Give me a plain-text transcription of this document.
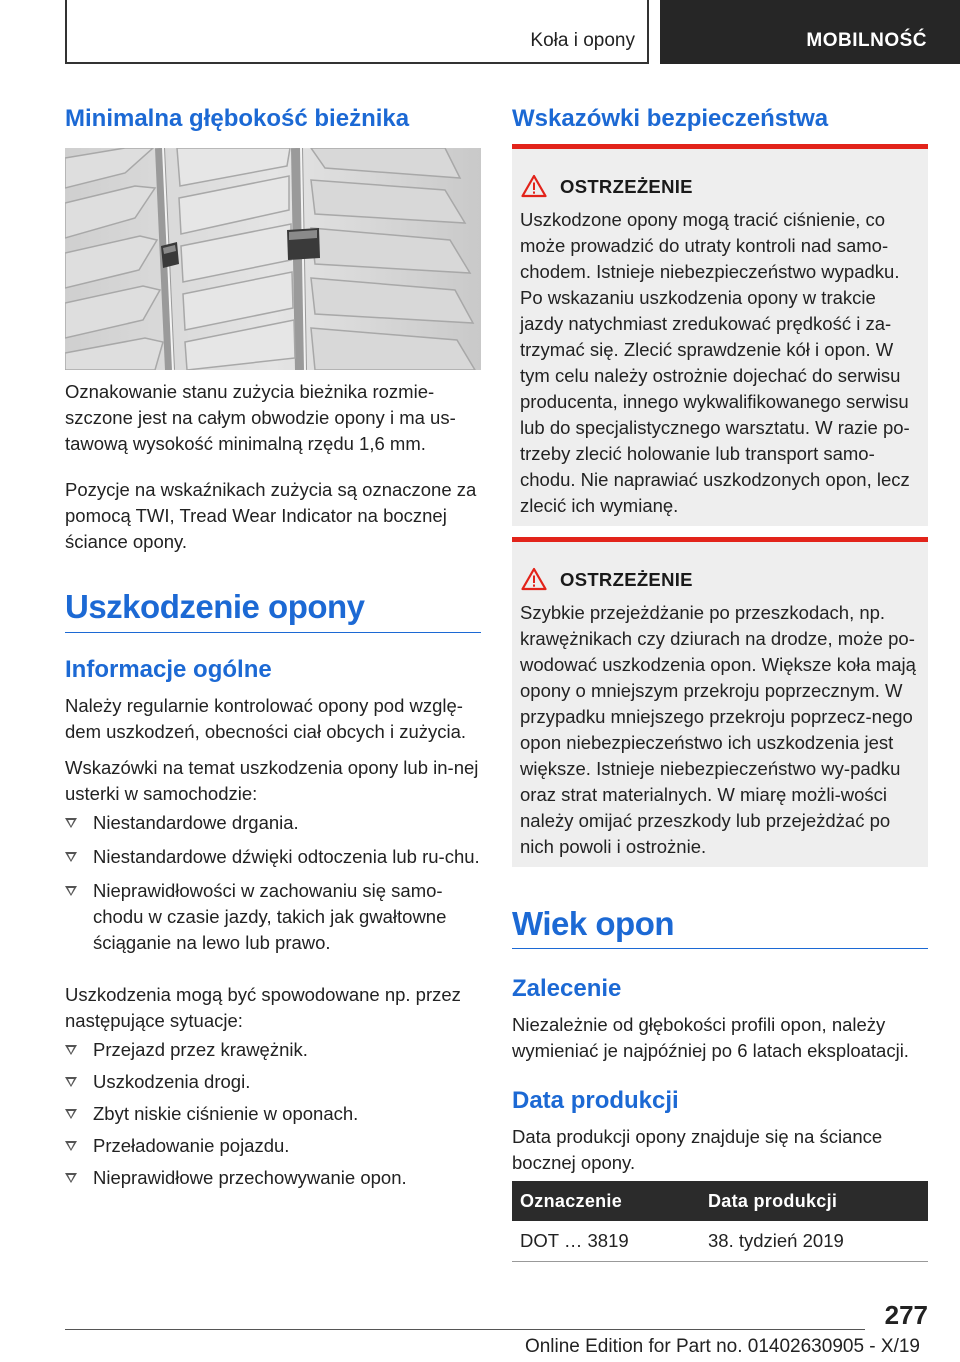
Koła i opony	MOBILNOŚĆ
Minimalna głębokość bieżnika

Oznakowanie stanu zużycia bieżnika rozmie-szczone jest na całym obwodzie opony i ma us-tawową wysokość minimalną rzędu 1,6 mm.

Pozycje na wskaźnikach zużycia są oznaczone za pomocą TWI, Tread Wear Indicator na bocznej ściance opony.

Uszkodzenie opony
Informacje ogólne

Należy regularnie kontrolować opony pod wzglę-dem uszkodzeń, obecności ciał obcych i zużycia.

Wskazówki na temat uszkodzenia opony lub in-nej usterki w samochodzie:

Niestandardowe drgania.
Niestandardowe dźwięki odtoczenia lub ru-chu.
Nieprawidłowości w zachowaniu się samo-chodu w czasie jazdy, takich jak gwałtowne ściąganie na lewo lub prawo.

Uszkodzenia mogą być spowodowane np. przez następujące sytuacje:

Przejazd przez krawężnik.
Uszkodzenia drogi.
Zbyt niskie ciśnienie w oponach.
Przeładowanie pojazdu.
Nieprawidłowe przechowywanie opon.
Wskazówki bezpieczeństwa
OSTRZEŻENIE
Uszkodzone opony mogą tracić ciśnienie, co może prowadzić do utraty kontroli nad samo-chodem. Istnieje niebezpieczeństwo wypadku. Po wskazaniu uszkodzenia opony w trakcie jazdy natychmiast zredukować prędkość i za-trzymać się. Zlecić sprawdzenie kół i opon. W tym celu należy ostrożnie dojechać do serwisu producenta, innego wykwalifikowanego serwisu lub do specjalistycznego warsztatu. W razie po-trzeby zlecić holowanie lub transport samo-chodu. Nie naprawiać uszkodzonych opon, lecz zlecić ich wymianę.
OSTRZEŻENIE
Szybkie przejeżdżanie po przeszkodach, np. krawężnikach czy dziurach na drodze, może po-wodować uszkodzenia opon. Większe koła mają opony o mniejszym przekroju poprzecznym. W przypadku mniejszego przekroju poprzecz-nego opon niebezpieczeństwo ich uszkodzenia jest większe. Istnieje niebezpieczeństwo wy-padku oraz strat materialnych. W miarę możli-wości należy omijać przeszkody lub przejeżdżać po nich powoli i ostrożnie.
Wiek opon
Zalecenie

Niezależnie od głębokości profili opon, należy wymieniać je najpóźniej po 6 latach eksploatacji.

Data produkcji

Data produkcji opony znajduje się na ściance bocznej opony.

Oznaczenie	Data produkcji
DOT … 3819	38. tydzień 2019
277
Online Edition for Part no. 01402630905 - X/19
